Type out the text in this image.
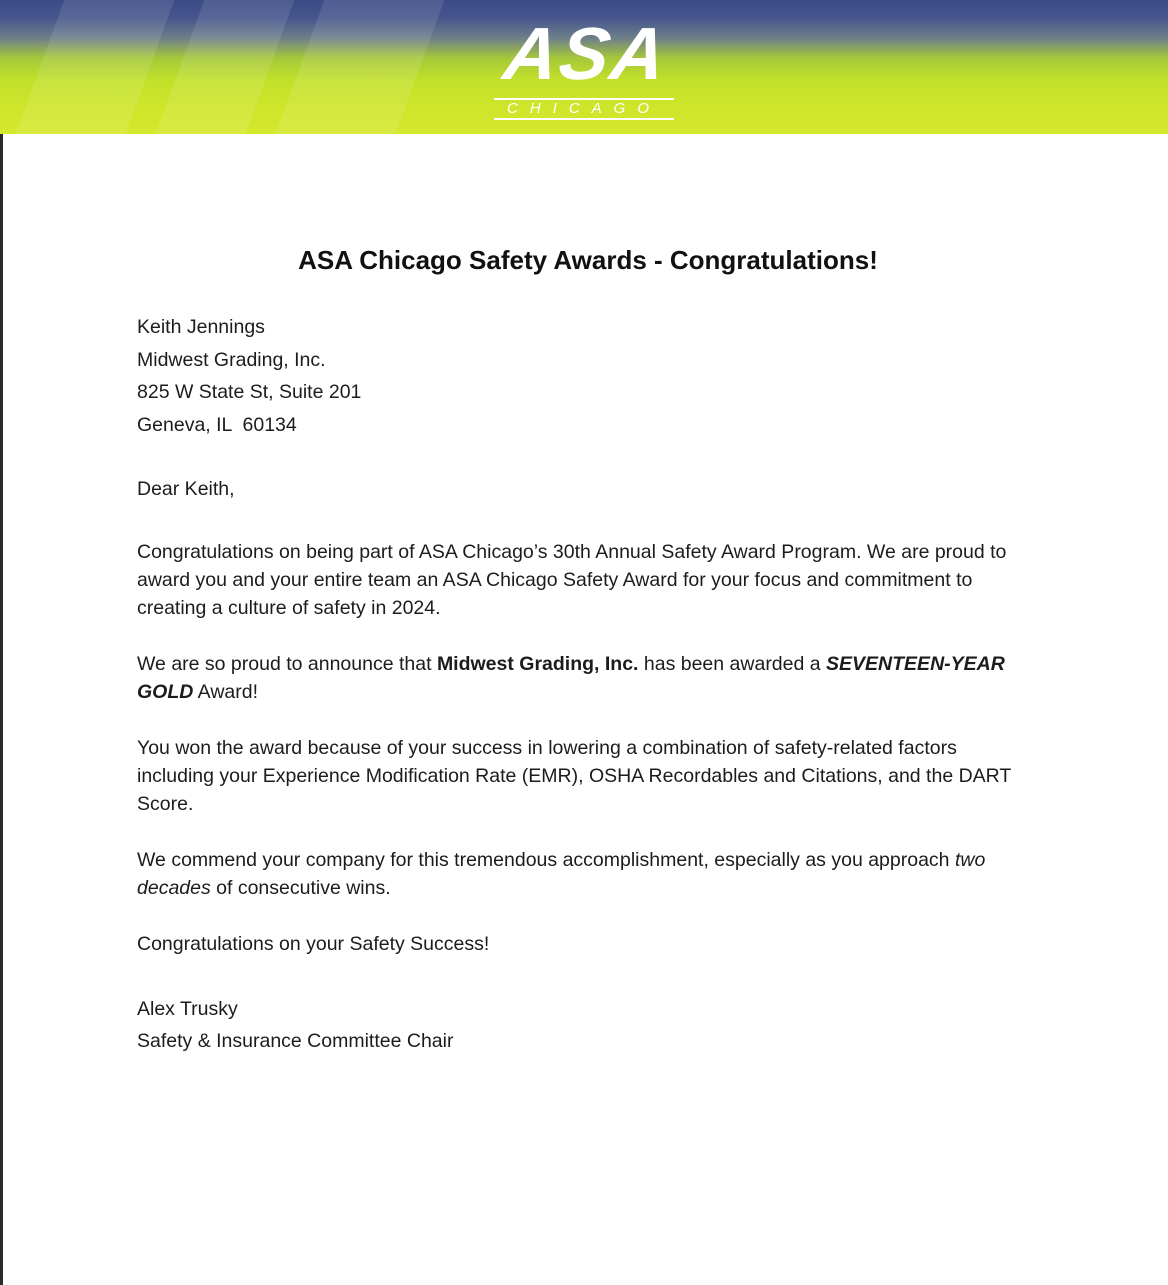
ASA
CHICAGO
ASA Chicago Safety Awards - Congratulations!
Keith Jennings
Midwest Grading, Inc.
825 W State St, Suite 201
Geneva, IL  60134
Dear Keith,

Congratulations on being part of ASA Chicago’s 30th Annual Safety Award Program. We are proud to award you and your entire team an ASA Chicago Safety Award for your focus and commitment to creating a culture of safety in 2024.

We are so proud to announce that Midwest Grading, Inc. has been awarded a SEVENTEEN-YEAR GOLD Award!

You won the award because of your success in lowering a combination of safety-related factors including your Experience Modification Rate (EMR), OSHA Recordables and Citations, and the DART Score.

We commend your company for this tremendous accomplishment, especially as you approach two decades of consecutive wins.

Congratulations on your Safety Success!

Alex Trusky
Safety & Insurance Committee Chair
